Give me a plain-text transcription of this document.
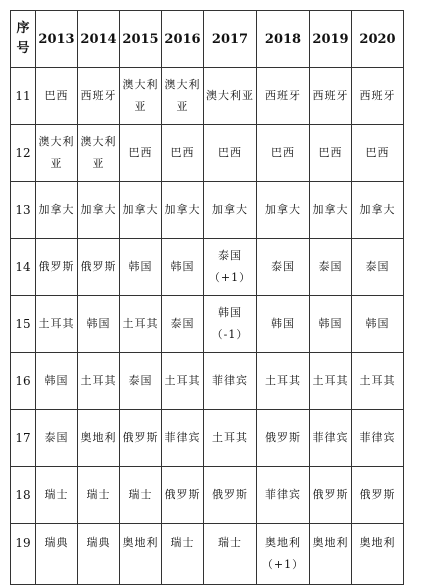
序号	2013	2014	2015	2016	2017	2018	2019	2020
11	巴西	西班牙	澳大利亚	澳大利亚	澳大利亚	西班牙	西班牙	西班牙
12	澳大利亚	澳大利亚	巴西	巴西	巴西	巴西	巴西	巴西
13	加拿大	加拿大	加拿大	加拿大	加拿大	加拿大	加拿大	加拿大
14	俄罗斯	俄罗斯	韩国	韩国	泰国（+1）	泰国	泰国	泰国
15	土耳其	韩国	土耳其	泰国	韩国（-1）	韩国	韩国	韩国
16	韩国	土耳其	泰国	土耳其	菲律宾	土耳其	土耳其	土耳其
17	泰国	奥地利	俄罗斯	菲律宾	土耳其	俄罗斯	菲律宾	菲律宾
18	瑞士	瑞士	瑞士	俄罗斯	俄罗斯	菲律宾	俄罗斯	俄罗斯
19	瑞典	瑞典	奥地利	瑞士	瑞士	奥地利（+1）	奥地利	奥地利
